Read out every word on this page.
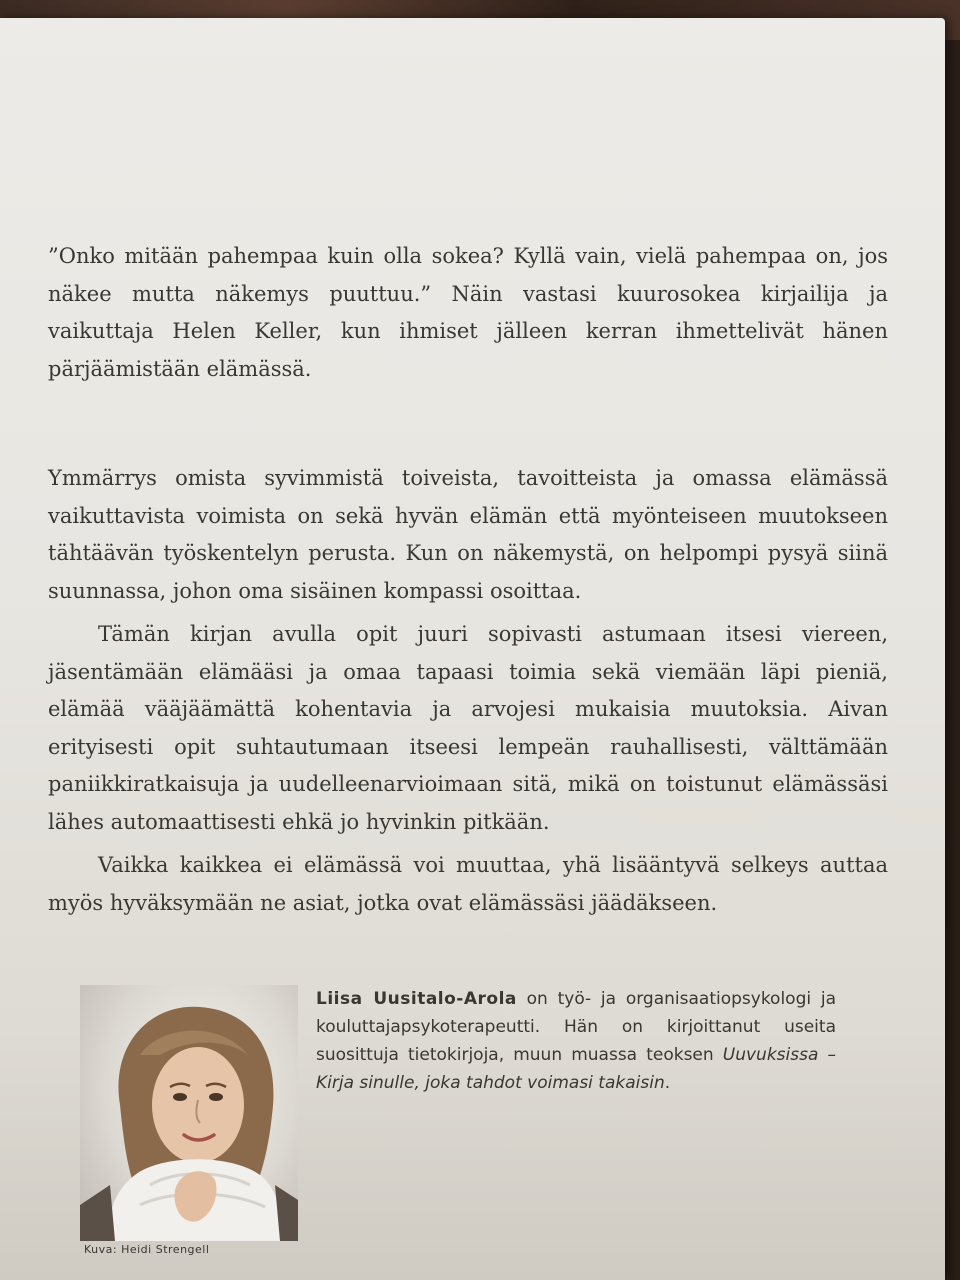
”Onko mitään pahempaa kuin olla sokea? Kyllä vain, vielä pahempaa on, jos näkee mutta näkemys puuttuu.” Näin vastasi kuurosokea kirjailija ja vaikuttaja Helen Keller, kun ihmiset jälleen kerran ihmettelivät hänen pärjäämistään elämässä.

Ymmärrys omista syvimmistä toiveista, tavoitteista ja omassa elämässä vaikuttavista voimista on sekä hyvän elämän että myönteiseen muutokseen tähtäävän työskentelyn perusta. Kun on näkemystä, on helpompi pysyä siinä suunnassa, johon oma sisäinen kompassi osoittaa.

Tämän kirjan avulla opit juuri sopivasti astumaan itsesi viereen, jäsentämään elämääsi ja omaa tapaasi toimia sekä viemään läpi pieniä, elämää vääjäämättä kohentavia ja arvojesi mukaisia muutoksia. Aivan erityisesti opit suhtautumaan itseesi lempeän rauhallisesti, välttämään paniikkiratkaisuja ja uudelleenarvioimaan sitä, mikä on toistunut elämässäsi lähes automaattisesti ehkä jo hyvinkin pitkään.

Vaikka kaikkea ei elämässä voi muuttaa, yhä lisääntyvä selkeys auttaa myös hyväksymään ne asiat, jotka ovat elämässäsi jäädäkseen.

Kuva: Heidi Strengell
Liisa Uusitalo-Arola on työ- ja organisaatiopsykologi ja kouluttajapsykoterapeutti. Hän on kirjoittanut useita suosittuja tietokirjoja, muun muassa teoksen Uuvuksissa – Kirja sinulle, joka tahdot voimasi takaisin.
